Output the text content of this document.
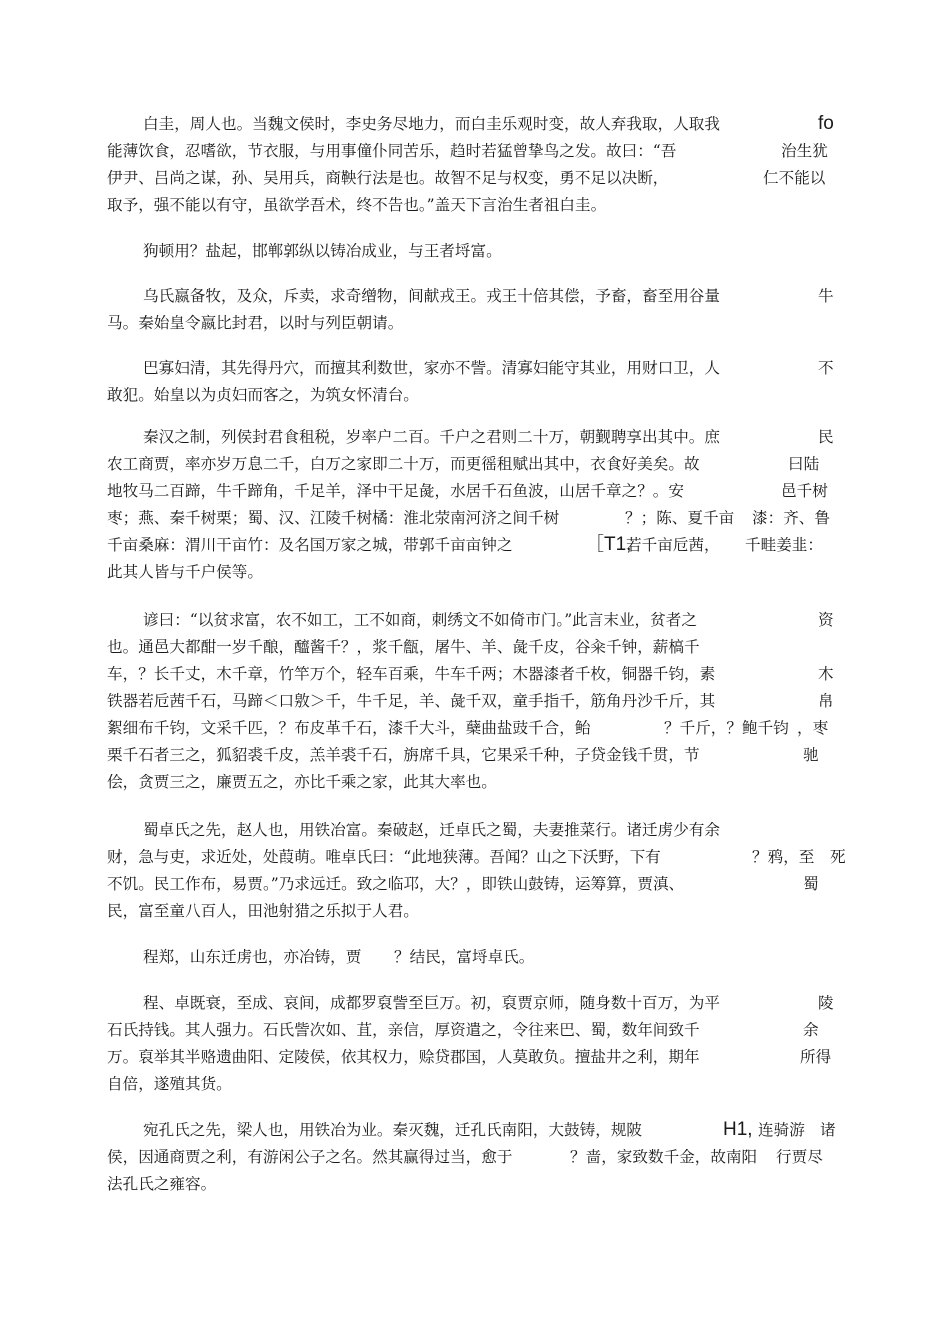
白圭，周人也。当魏文侯时，李史务尽地力，而白圭乐观时变，故人弃我取，人取我	fo
能薄饮食，忍嗜欲，节衣服，与用事僮仆同苦乐，趋时若猛曾挚鸟之发。故曰：“吾	治生犹
伊尹、吕尚之谋，孙、吴用兵，商鞅行法是也。故智不足与权变，勇不足以决断，	仁不能以
取予，强不能以有守，虽欲学吾术，终不告也。”盖天下言治生者祖白圭。
狗顿用？盐起，邯郸郭纵以铸冶成业，与王者埒富。
乌氏嬴备牧，及众，斥卖，求奇缯物，间献戎王。戎王十倍其偿，予畜，畜至用谷量	牛
马。秦始皇令嬴比封君，以时与列臣朝请。
巴寡妇清，其先得丹穴，而擅其利数世，家亦不訾。清寡妇能守其业，用财口卫，人	不
敢犯。始皇以为贞妇而客之，为筑女怀清台。
秦汉之制，列侯封君食租税，岁率户二百。千户之君则二十万，朝觐聘享出其中。庶	民
农工商贾，率亦岁万息二千，白万之家即二十万，而更徭租赋出其中，衣食好美矣。故	曰陆
地牧马二百蹄，牛千蹄角，千足羊，泽中干足彘，水居千石鱼波，山居千章之？。安	邑千树
枣；燕、秦千树栗；蜀、汉、江陵千树橘：淮北荥南河济之间千树	？；陈、夏千亩 漆：齐、鲁
千亩桑麻：渭川干亩竹：及名国万家之城，带郭千亩亩钟之	［T1,
若千亩卮茜， 千畦姜韭：
此其人皆与千户侯等。
谚曰：“以贫求富，农不如工，工不如商，刺绣文不如倚市门。”此言末业，贫者之	资
也。通邑大都酣一岁千酿，醯酱千？，浆千甔，屠牛、羊、彘千皮，谷籴千钟，薪槁千
车，？长千丈，木千章，竹竿万个，轻车百乘，牛车千两；木器漆者千枚，铜器千钧，素	木
铁器若卮茜千石，马蹄＜口敫＞千，牛千足，羊、彘千双，童手指千，筋角丹沙千斤，其	帛
絮细布千钧，文采千匹，？布皮革千石，漆千大斗，蘖曲盐豉千合，鲐	？千斤，？鲍千钧 ，枣
栗千石者三之，狐貂裘千皮，羔羊裘千石，旃席千具，它果采千种，子贷金钱千贯，节	驰
侩，贪贾三之，廉贾五之，亦比千乘之家，此其大率也。
蜀卓氏之先，赵人也，用铁冶富。秦破赵，迁卓氏之蜀，夫妻推菜行。诸迁虏少有余
财，急与吏，求近处，处葭萌。唯卓氏曰：“此地狭薄。吾闻？山之下沃野，下有	？鸦，至 死
不饥。民工作布，易贾。”乃求远迁。致之临邛，大？，即铁山鼓铸，运筹算，贾滇、	蜀
民，富至童八百人，田池射猎之乐拟于人君。
程郑，山东迁虏也，亦冶铸，贾 ？结民，富埒卓氏。
程、卓既衰，至成、哀间，成都罗裒訾至巨万。初，裒贾京师，随身数十百万，为平	陵
石氏持钱。其人强力。石氏訾次如、苴，亲信，厚资遣之，令往来巴、蜀，数年间致千	余
万。裒举其半赂遗曲阳、定陵侯，依其权力，赊贷郡国，人莫敢负。擅盐井之利，期年	所得
自倍，遂殖其货。
宛孔氏之先，梁人也，用铁冶为业。秦灭魏，迁孔氏南阳，大鼓铸，规陂	H1, 连骑游 诸
侯，因通商贾之利，有游闲公子之名。然其赢得过当，愈于	？啬，家致数千金，故南阳 行贾尽
法孔氏之雍容。
